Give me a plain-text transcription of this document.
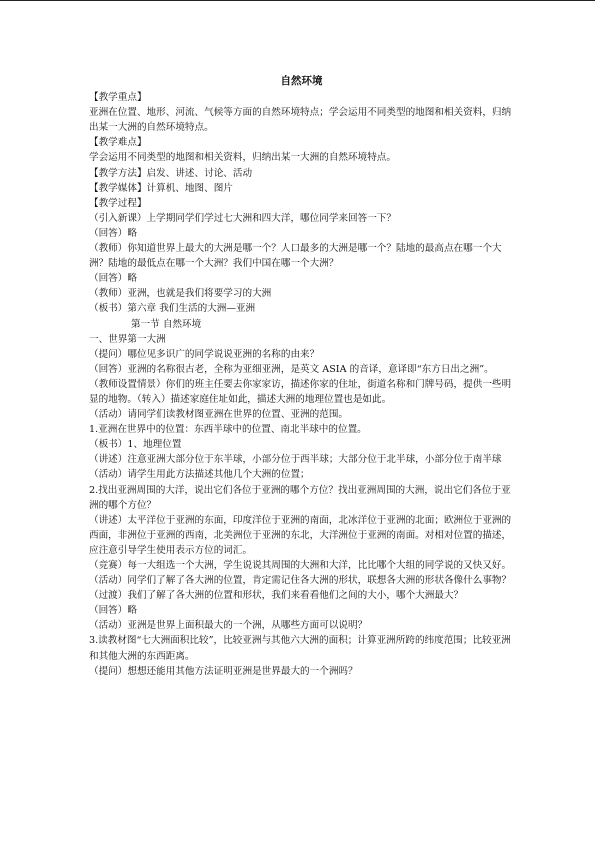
自然环境

【教学重点】

亚洲在位置、地形、河流、气候等方面的自然环境特点；学会运用不同类型的地图和相关资料，归纳出某一大洲的自然环境特点。

【教学难点】

学会运用不同类型的地图和相关资料，归纳出某一大洲的自然环境特点。

【教学方法】启发、讲述、讨论、活动

【教学媒体】计算机、地图、图片

【教学过程】

（引入新课）上学期同学们学过七大洲和四大洋，哪位同学来回答一下？

（回答）略

（教师）你知道世界上最大的大洲是哪一个？人口最多的大洲是哪一个？陆地的最高点在哪一个大洲？陆地的最低点在哪一个大洲？我们中国在哪一个大洲？

（回答）略

（教师）亚洲，也就是我们将要学习的大洲

（板书）第六章 我们生活的大洲—亚洲

第一节 自然环境

一、世界第一大洲

（提问）哪位见多识广的同学说说亚洲的名称的由来？

（回答）亚洲的名称很古老，全称为亚细亚洲，是英文 ASIA 的音译，意译即“东方日出之洲”。

（教师设置情景）你们的班主任要去你家家访，描述你家的住址，街道名称和门牌号码，提供一些明显的地物。（转入）描述家庭住址如此，描述大洲的地理位置也是如此。

（活动）请同学们读教材图亚洲在世界的位置、亚洲的范围。

1.亚洲在世界中的位置：东西半球中的位置、南北半球中的位置。

（板书）1、地理位置

（讲述）注意亚洲大部分位于东半球，小部分位于西半球；大部分位于北半球，小部分位于南半球

（活动）请学生用此方法描述其他几个大洲的位置；

2.找出亚洲周围的大洋，说出它们各位于亚洲的哪个方位？找出亚洲周围的大洲，说出它们各位于亚洲的哪个方位？

（讲述）太平洋位于亚洲的东面，印度洋位于亚洲的南面，北冰洋位于亚洲的北面；欧洲位于亚洲的西面，非洲位于亚洲的西南，北美洲位于亚洲的东北，大洋洲位于亚洲的南面。对相对位置的描述，应注意引导学生使用表示方位的词汇。

（竞赛）每一大组选一个大洲，学生说说其周围的大洲和大洋，比比哪个大组的同学说的又快又好。

（活动）同学们了解了各大洲的位置，肯定需记住各大洲的形状，联想各大洲的形状各像什么事物？

（过渡）我们了解了各大洲的位置和形状，我们来看看他们之间的大小，哪个大洲最大？

（回答）略

（活动）亚洲是世界上面积最大的一个洲，从哪些方面可以说明？

3.读教材图“七大洲面积比较”，比较亚洲与其他六大洲的面积；计算亚洲所跨的纬度范围；比较亚洲和其他大洲的东西距离。

（提问）想想还能用其他方法证明亚洲是世界最大的一个洲吗？
